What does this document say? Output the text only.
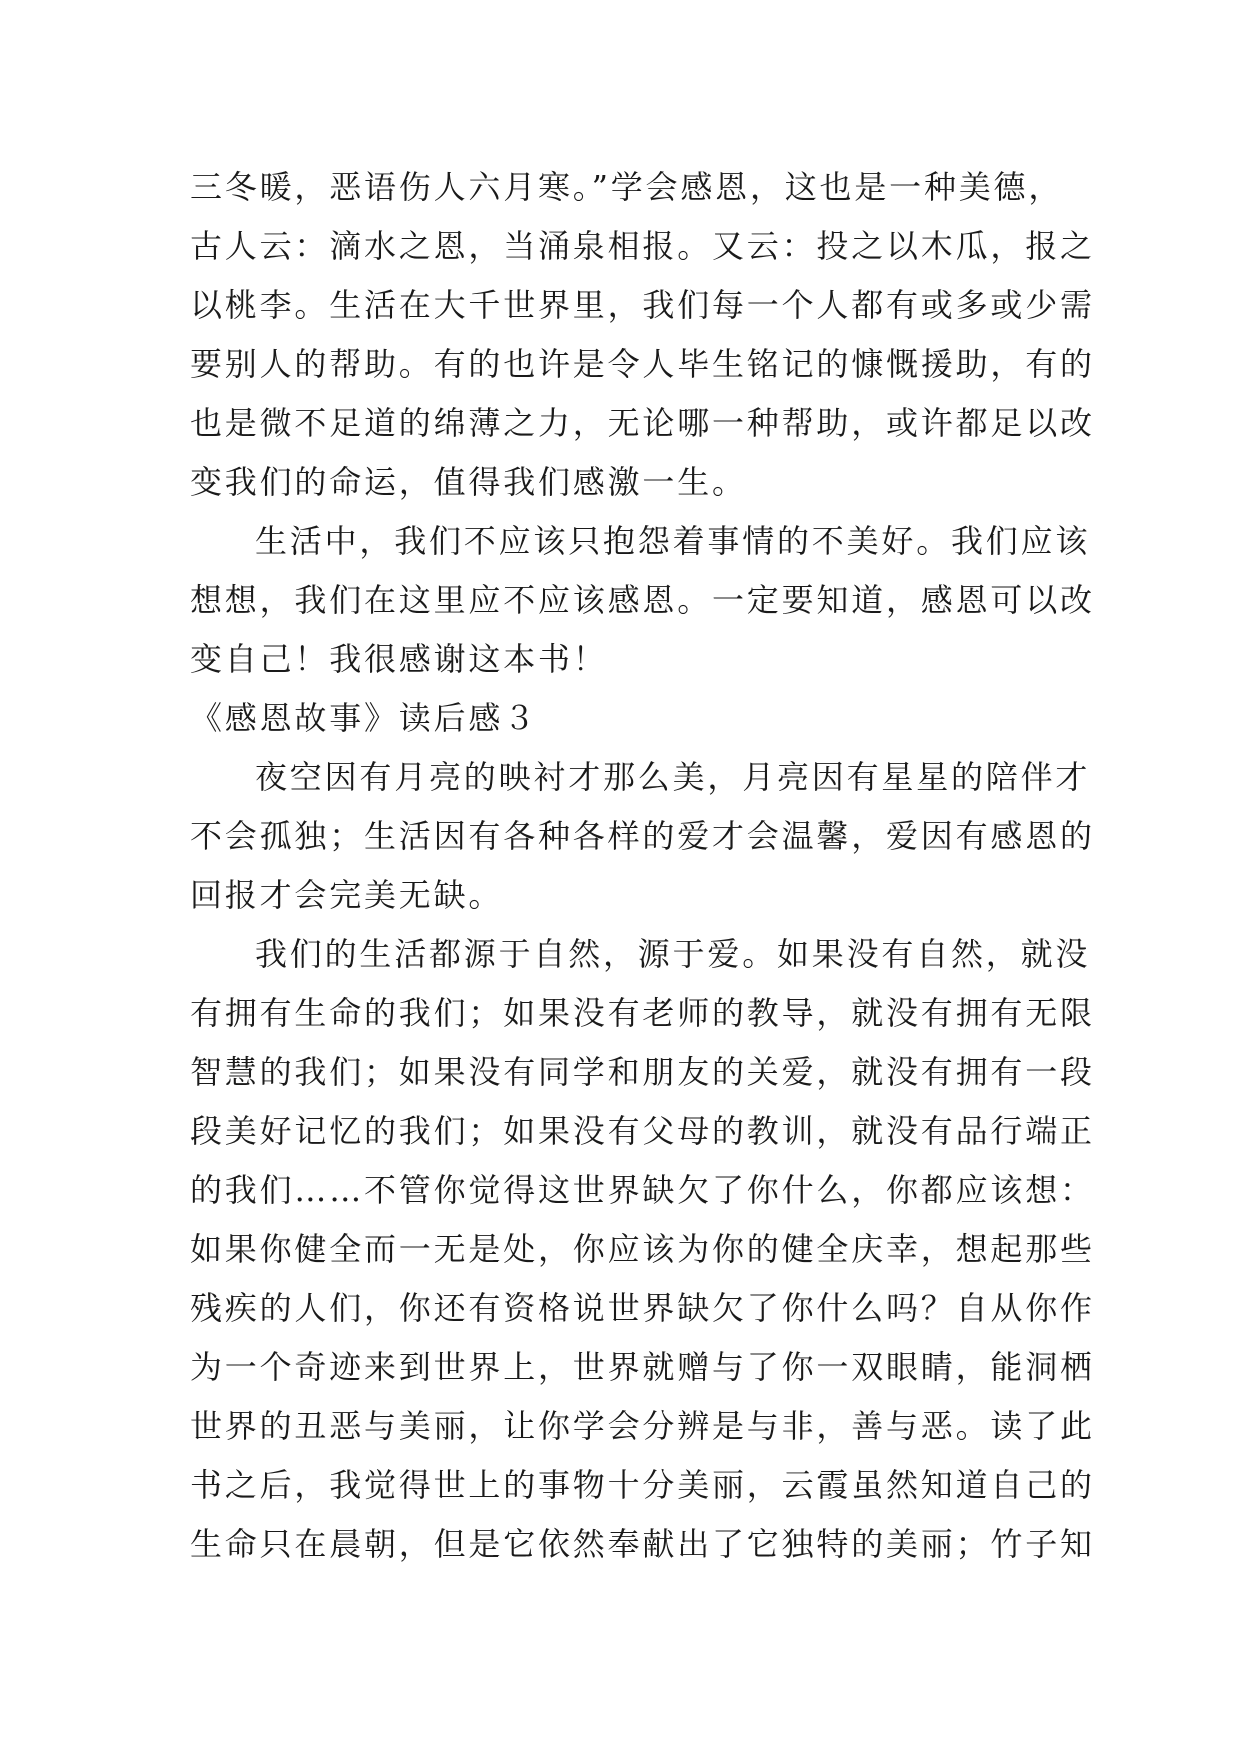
三冬暖，恶语伤人六月寒。”学会感恩，这也是一种美德，
古人云：滴水之恩，当涌泉相报。又云：投之以木瓜，报之
以桃李。生活在大千世界里，我们每一个人都有或多或少需
要别人的帮助。有的也许是令人毕生铭记的慷慨援助，有的
也是微不足道的绵薄之力，无论哪一种帮助，或许都足以改
变我们的命运，值得我们感激一生。
生活中，我们不应该只抱怨着事情的不美好。我们应该
想想，我们在这里应不应该感恩。一定要知道，感恩可以改
变自己！我很感谢这本书！
《感恩故事》读后感３
夜空因有月亮的映衬才那么美，月亮因有星星的陪伴才
不会孤独；生活因有各种各样的爱才会温馨，爱因有感恩的
回报才会完美无缺。
我们的生活都源于自然，源于爱。如果没有自然，就没
有拥有生命的我们；如果没有老师的教导，就没有拥有无限
智慧的我们；如果没有同学和朋友的关爱，就没有拥有一段
段美好记忆的我们；如果没有父母的教训，就没有品行端正
的我们……不管你觉得这世界缺欠了你什么，你都应该想：
如果你健全而一无是处，你应该为你的健全庆幸，想起那些
残疾的人们，你还有资格说世界缺欠了你什么吗？自从你作
为一个奇迹来到世界上，世界就赠与了你一双眼睛，能洞栖
世界的丑恶与美丽，让你学会分辨是与非，善与恶。读了此
书之后，我觉得世上的事物十分美丽，云霞虽然知道自己的
生命只在晨朝，但是它依然奉献出了它独特的美丽；竹子知
